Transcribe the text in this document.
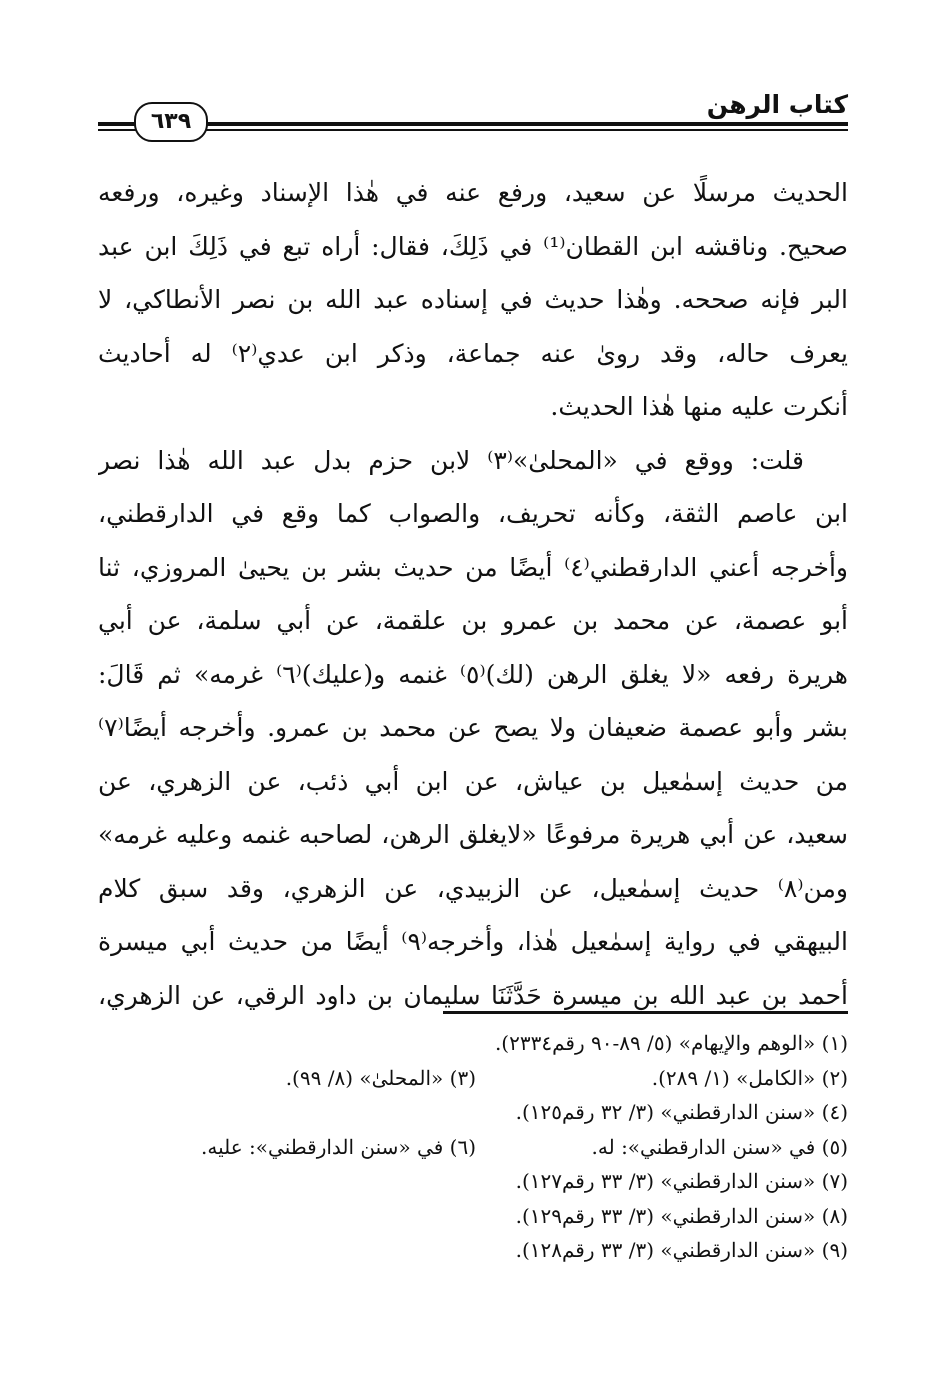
كتاب الرهن
٦٣٩

الحديث مرسلًا عن سعيد، ورفع عنه في هٰذا الإسناد وغيره، ورفعه
صحيح. وناقشه ابن القطان⁽¹⁾ في ذَلِكَ، فقال: أراه تبع في ذَلِكَ ابن عبد
البر فإنه صححه. وهٰذا حديث في إسناده عبد الله بن نصر الأنطاكي، لا
يعرف حاله، وقد رویٰ عنه جماعة، وذكر ابن عدي⁽٢⁾ له أحاديث
أنكرت عليه منها هٰذا الحديث.

قلت: ووقع في «المحلىٰ»⁽٣⁾ لابن حزم بدل عبد الله هٰذا نصر
ابن عاصم الثقة، وكأنه تحريف، والصواب كما وقع في الدارقطني،
وأخرجه أعني الدارقطني⁽٤⁾ أيضًا من حديث بشر بن يحيىٰ المروزي، ثنا
أبو عصمة، عن محمد بن عمرو بن علقمة، عن أبي سلمة، عن أبي
هريرة رفعه «لا يغلق الرهن (لك)⁽٥⁾ غنمه و(عليك)⁽٦⁾ غرمه» ثم قَالَ:
بشر وأبو عصمة ضعيفان ولا يصح عن محمد بن عمرو. وأخرجه أيضًا⁽٧⁾
من حديث إسمٰعيل بن عياش، عن ابن أبي ذئب، عن الزهري، عن
سعيد، عن أبي هريرة مرفوعًا «لايغلق الرهن، لصاحبه غنمه وعليه غرمه»
ومن⁽٨⁾ حديث إسمٰعيل، عن الزبيدي، عن الزهري، وقد سبق كلام
البيهقي في رواية إسمٰعيل هٰذا، وأخرجه⁽٩⁾ أيضًا من حديث أبي ميسرة
أحمد بن عبد الله بن ميسرة حَدَّثَنَا سليمان بن داود الرقي، عن الزهري،

(١) «الوهم والإيهام» (٥/ ٨٩-٩٠ رقم٢٣٣٤).
(٢) «الكامل» (١/ ٢٨٩).
(٣) «المحلىٰ» (٨/ ٩٩).
(٤) «سنن الدارقطني» (٣/ ٣٢ رقم١٢٥).
(٥) في «سنن الدارقطني»: له.
(٦) في «سنن الدارقطني»: عليه.
(٧) «سنن الدارقطني» (٣/ ٣٣ رقم١٢٧).
(٨) «سنن الدارقطني» (٣/ ٣٣ رقم١٢٩).
(٩) «سنن الدارقطني» (٣/ ٣٣ رقم١٢٨).
